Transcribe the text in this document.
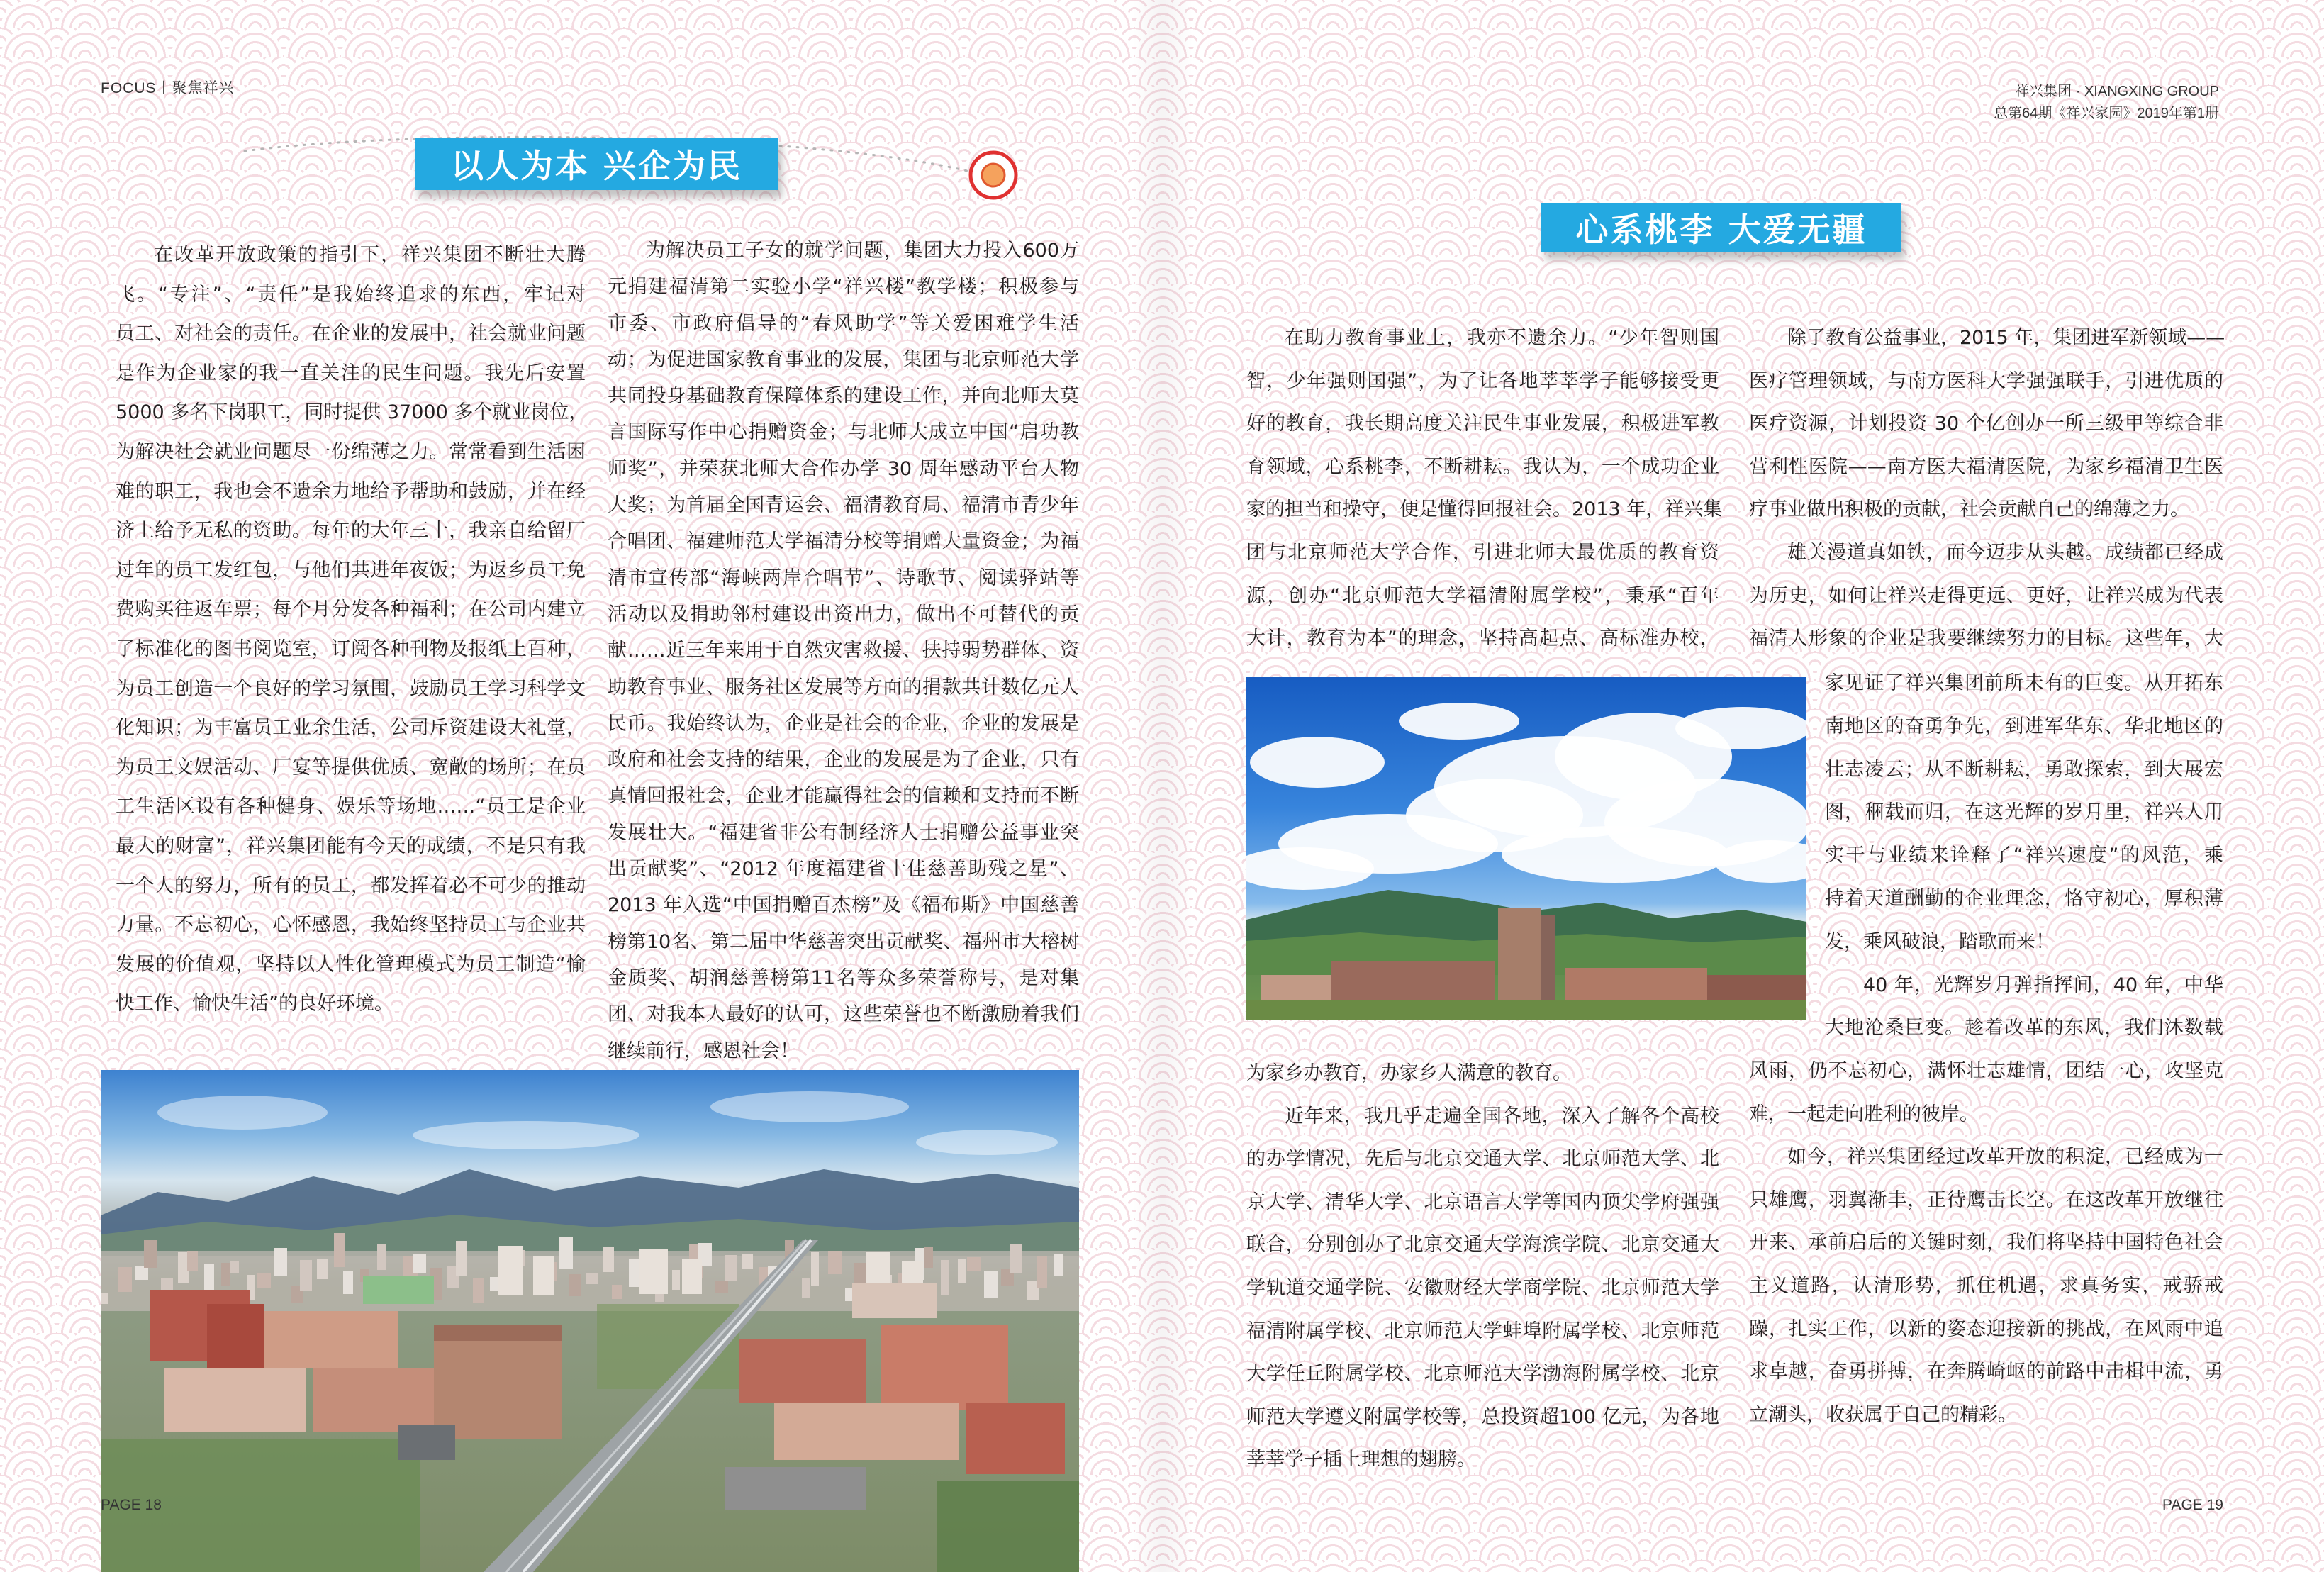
FOCUS丨聚焦祥兴	祥兴集团 · XIANGXING GROUP
总第64期《祥兴家园》2019年第1册
以人为本 兴企为民
在改革开放政策的指引下，祥兴集团不断壮大腾
飞。“专注”、“责任”是我始终追求的东西，牢记对
员工、对社会的责任。在企业的发展中，社会就业问题
是作为企业家的我一直关注的民生问题。我先后安置
5000 多名下岗职工，同时提供 37000 多个就业岗位，
为解决社会就业问题尽一份绵薄之力。常常看到生活困
难的职工，我也会不遗余力地给予帮助和鼓励，并在经
济上给予无私的资助。每年的大年三十，我亲自给留厂
过年的员工发红包，与他们共进年夜饭；为返乡员工免
费购买往返车票；每个月分发各种福利；在公司内建立
了标准化的图书阅览室，订阅各种刊物及报纸上百种，
为员工创造一个良好的学习氛围，鼓励员工学习科学文
化知识；为丰富员工业余生活，公司斥资建设大礼堂，
为员工文娱活动、厂宴等提供优质、宽敞的场所；在员
工生活区设有各种健身、娱乐等场地……“员工是企业
最大的财富”，祥兴集团能有今天的成绩，不是只有我
一个人的努力，所有的员工，都发挥着必不可少的推动
力量。不忘初心，心怀感恩，我始终坚持员工与企业共
发展的价值观，坚持以人性化管理模式为员工制造“愉
快工作、愉快生活”的良好环境。
为解决员工子女的就学问题，集团大力投入600万
元捐建福清第二实验小学“祥兴楼”教学楼；积极参与
市委、市政府倡导的“春风助学”等关爱困难学生活
动；为促进国家教育事业的发展，集团与北京师范大学
共同投身基础教育保障体系的建设工作，并向北师大莫
言国际写作中心捐赠资金；与北师大成立中国“启功教
师奖”，并荣获北师大合作办学 30 周年感动平台人物
大奖；为首届全国青运会、福清教育局、福清市青少年
合唱团、福建师范大学福清分校等捐赠大量资金；为福
清市宣传部“海峡两岸合唱节”、诗歌节、阅读驿站等
活动以及捐助邻村建设出资出力，做出不可替代的贡
献……近三年来用于自然灾害救援、扶持弱势群体、资
助教育事业、服务社区发展等方面的捐款共计数亿元人
民币。我始终认为，企业是社会的企业，企业的发展是
政府和社会支持的结果，企业的发展是为了企业，只有
真情回报社会，企业才能赢得社会的信赖和支持而不断
发展壮大。“福建省非公有制经济人士捐赠公益事业突
出贡献奖”、“2012 年度福建省十佳慈善助残之星”、
2013 年入选“中国捐赠百杰榜”及《福布斯》中国慈善
榜第10名、第二届中华慈善突出贡献奖、福州市大榕树
金质奖、胡润慈善榜第11名等众多荣誉称号，是对集
团、对我本人最好的认可，这些荣誉也不断激励着我们
继续前行，感恩社会！
心系桃李 大爱无疆
在助力教育事业上，我亦不遗余力。“少年智则国
智，少年强则国强”，为了让各地莘莘学子能够接受更
好的教育，我长期高度关注民生事业发展，积极进军教
育领域，心系桃李，不断耕耘。我认为，一个成功企业
家的担当和操守，便是懂得回报社会。2013 年，祥兴集
团与北京师范大学合作，引进北师大最优质的教育资
源，创办“北京师范大学福清附属学校”，秉承“百年
大计，教育为本”的理念，坚持高起点、高标准办校，
为家乡办教育，办家乡人满意的教育。
近年来，我几乎走遍全国各地，深入了解各个高校
的办学情况，先后与北京交通大学、北京师范大学、北
京大学、清华大学、北京语言大学等国内顶尖学府强强
联合，分别创办了北京交通大学海滨学院、北京交通大
学轨道交通学院、安徽财经大学商学院、北京师范大学
福清附属学校、北京师范大学蚌埠附属学校、北京师范
大学任丘附属学校、北京师范大学渤海附属学校、北京
师范大学遵义附属学校等，总投资超100 亿元，为各地
莘莘学子插上理想的翅膀。
除了教育公益事业，2015 年，集团进军新领域——
医疗管理领域，与南方医科大学强强联手，引进优质的
医疗资源，计划投资 30 个亿创办一所三级甲等综合非
营利性医院——南方医大福清医院，为家乡福清卫生医
疗事业做出积极的贡献，社会贡献自己的绵薄之力。
雄关漫道真如铁，而今迈步从头越。成绩都已经成
为历史，如何让祥兴走得更远、更好，让祥兴成为代表
福清人形象的企业是我要继续努力的目标。这些年，大
家见证了祥兴集团前所未有的巨变。从开拓东
南地区的奋勇争先，到进军华东、华北地区的
壮志凌云；从不断耕耘，勇敢探索，到大展宏
图，稇载而归，在这光辉的岁月里，祥兴人用
实干与业绩来诠释了“祥兴速度”的风范，乘
持着天道酬勤的企业理念，恪守初心，厚积薄
发，乘风破浪，踏歌而来！
40 年，光辉岁月弹指挥间，40 年，中华
大地沧桑巨变。趁着改革的东风，我们沐数载
风雨，仍不忘初心，满怀壮志雄情，团结一心，攻坚克
难，一起走向胜利的彼岸。
如今，祥兴集团经过改革开放的积淀，已经成为一
只雄鹰，羽翼渐丰，正待鹰击长空。在这改革开放继往
开来、承前启后的关键时刻，我们将坚持中国特色社会
主义道路，认清形势，抓住机遇，求真务实，戒骄戒
躁，扎实工作，以新的姿态迎接新的挑战，在风雨中追
求卓越，奋勇拼搏，在奔腾崎岖的前路中击楫中流，勇
立潮头，收获属于自己的精彩。
PAGE 18	PAGE 19
